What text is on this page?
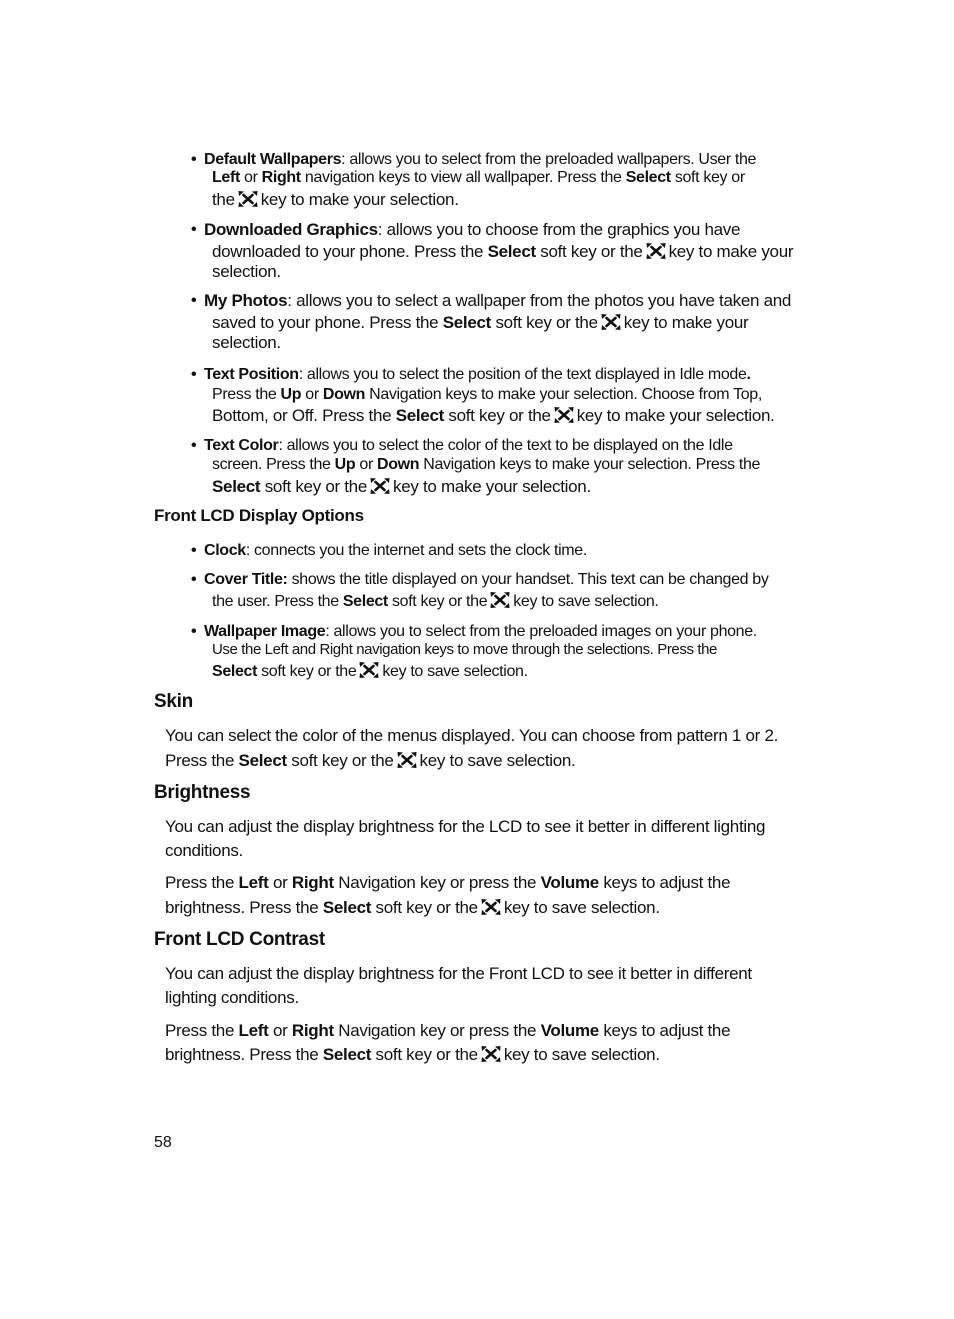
• Default Wallpapers: allows you to select from the preloaded wallpapers. User the
Left or Right navigation keys to view all wallpaper. Press the Select soft key or
the key to make your selection.
• Downloaded Graphics: allows you to choose from the graphics you have
downloaded to your phone. Press the Select soft key or the key to make your
selection.
• My Photos: allows you to select a wallpaper from the photos you have taken and
saved to your phone. Press the Select soft key or the key to make your
selection.
• Text Position: allows you to select the position of the text displayed in Idle mode.
Press the Up or Down Navigation keys to make your selection. Choose from Top,
Bottom, or Off. Press the Select soft key or the key to make your selection.
• Text Color: allows you to select the color of the text to be displayed on the Idle
screen. Press the Up or Down Navigation keys to make your selection. Press the
Select soft key or the key to make your selection.
Front LCD Display Options
• Clock: connects you the internet and sets the clock time.
• Cover Title: shows the title displayed on your handset. This text can be changed by
the user. Press the Select soft key or the key to save selection.
• Wallpaper Image: allows you to select from the preloaded images on your phone.
Use the Left and Right navigation keys to move through the selections. Press the
Select soft key or the key to save selection.
Skin
You can select the color of the menus displayed. You can choose from pattern 1 or 2.
Press the Select soft key or the key to save selection.
Brightness
You can adjust the display brightness for the LCD to see it better in different lighting
conditions.
Press the Left or Right Navigation key or press the Volume keys to adjust the
brightness. Press the Select soft key or the key to save selection.
Front LCD Contrast
You can adjust the display brightness for the Front LCD to see it better in different
lighting conditions.
Press the Left or Right Navigation key or press the Volume keys to adjust the
brightness. Press the Select soft key or the key to save selection.
58
